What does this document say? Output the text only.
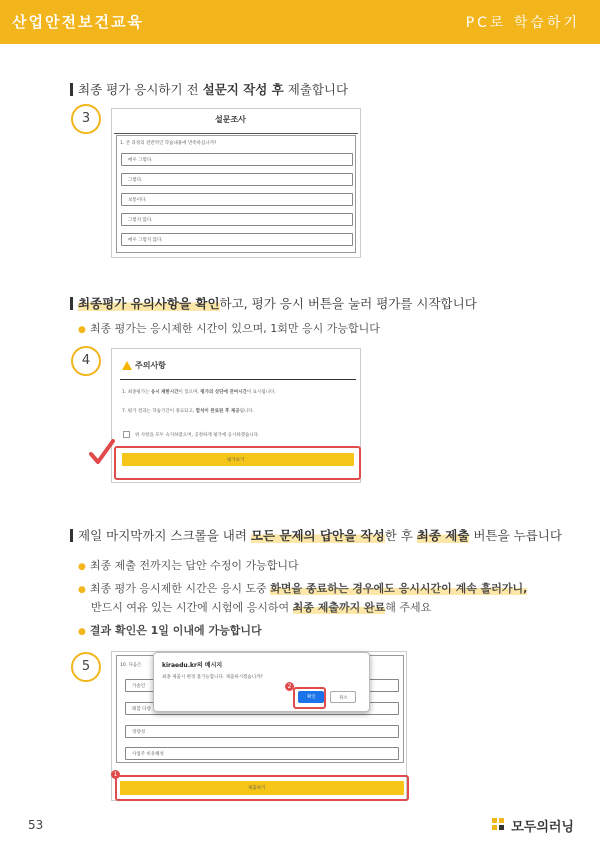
산업안전보건교육	PC로 학습하기
최종 평가 응시하기 전 설문지 작성 후 제출합니다
3	설문조사
1. 본 과정의 전반적인 학습내용에 만족하십니까?
매우 그렇다.
그렇다.
보통이다.
그렇지 않다.
매우 그렇지 않다.
최종평가 유의사항을 확인하고, 평가 응시 버튼을 눌러 평가를 시작합니다
● 최종 평가는 응시제한 시간이 있으며, 1회만 응시 가능합니다
4	주의사항
1. 최종평가는 응시 제한시간이 있으며, 평가의 상단에 잔여시간이 표시됩니다.
7. 평가 결과는 학습기간이 종료되고, 합석이 완료된 후 제공됩니다.
위 사항을 모두 숙지하였으며, 공정하게 평가에 응시하겠습니다.
평가보기
제일 마지막까지 스크롤을 내려 모든 문제의 답안을 작성한 후 최종 제출 버튼을 누릅니다
● 최종 제출 전까지는 답안 수정이 가능합니다
● 최종 평가 응시제한 시간은 응시 도중 화면을 종료하는 경우에도 응시시간이 계속 흘러가니,
반드시 여유 있는 시간에 시험에 응시하여 최종 제출까지 완료해 주세요
● 결과 확인은 1일 이내에 가능합니다
5	10. 다음은
가솔린
폐합 다량
경량성
사업주 비유해성
제출하기
kiraedu.kr의 메시지
최종 제출시 변경 불가능합니다. 제출하시겠습니까?
확인	취소
2
1
53	모두의러닝
